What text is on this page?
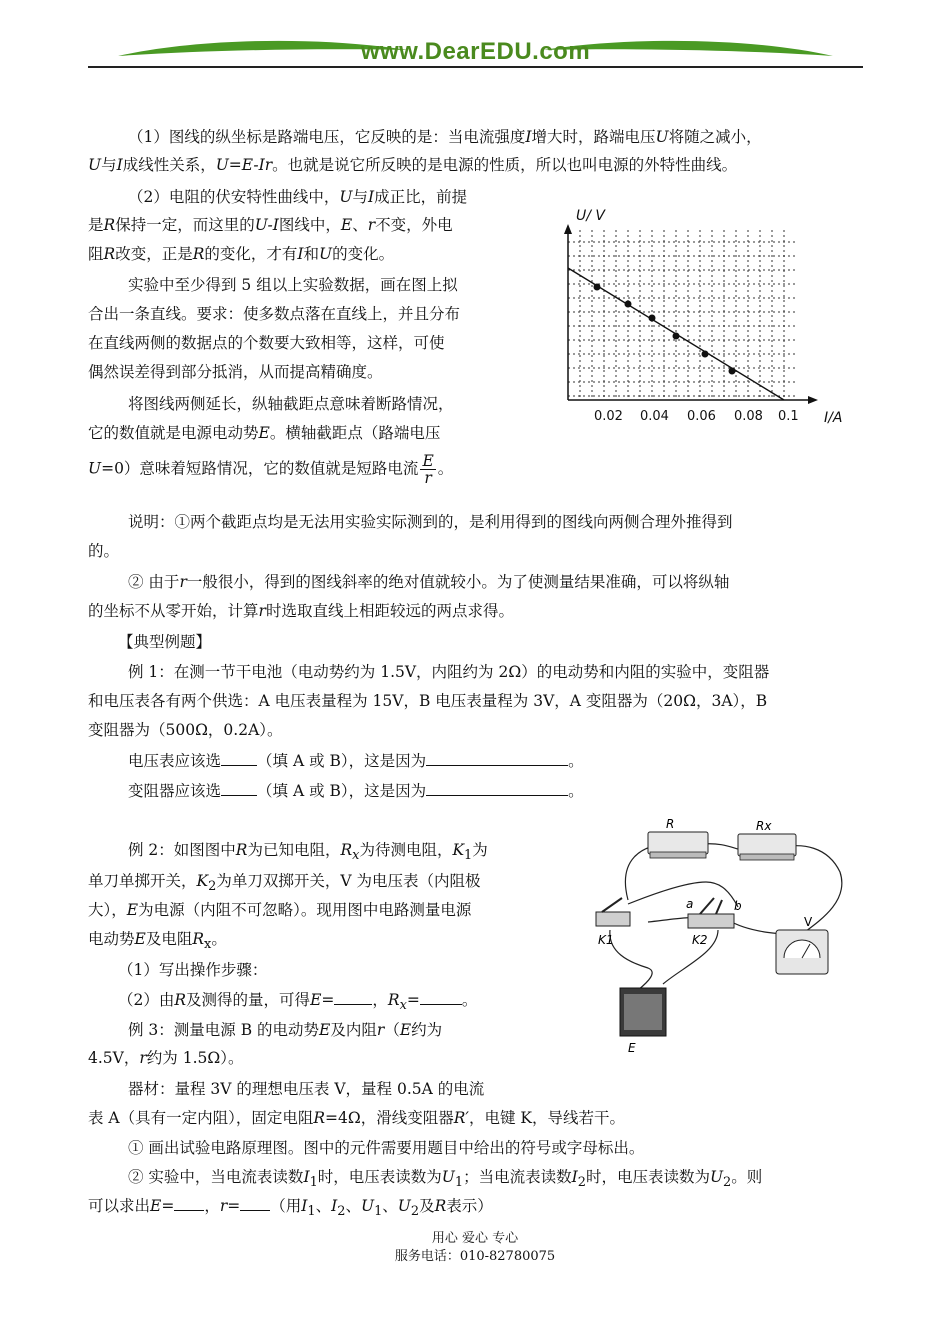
www.DearEDU.com
（1）图线的纵坐标是路端电压，它反映的是：当电流强度I增大时，路端电压U将随之减小，
U与I成线性关系，U=E-Ir。也就是说它所反映的是电源的性质，所以也叫电源的外特性曲线。
（2）电阻的伏安特性曲线中，U与I成正比，前提
是R保持一定，而这里的U-I图线中，E、r不变，外电
阻R改变，正是R的变化，才有I和U的变化。
实验中至少得到 5 组以上实验数据，画在图上拟
合出一条直线。要求：使多数点落在直线上，并且分布
在直线两侧的数据点的个数要大致相等，这样，可使
偶然误差得到部分抵消，从而提高精确度。
将图线两侧延长，纵轴截距点意味着断路情况，
它的数值就是电源电动势E。横轴截距点（路端电压
U=0）意味着短路情况，它的数值就是短路电流 $\frac{E}{r}$ 。
U/ V
0.02 0.04 0.06 0.08 0.1 I/A
说明：①两个截距点均是无法用实验实际测到的，是利用得到的图线向两侧合理外推得到
的。
② 由于r一般很小，得到的图线斜率的绝对值就较小。为了使测量结果准确，可以将纵轴
的坐标不从零开始，计算r时选取直线上相距较远的两点求得。
【典型例题】
例 1：在测一节干电池（电动势约为 1.5V，内阻约为 2Ω）的电动势和内阻的实验中，变阻器
和电压表各有两个供选：A 电压表量程为 15V，B 电压表量程为 3V，A 变阻器为（20Ω，3A），B
变阻器为（500Ω，0.2A）。
电压表应该选 （填 A 或 B），这是因为	。
变阻器应该选 （填 A 或 B），这是因为	。
例 2：如图图中R为已知电阻，$R_x$为待测电阻，$K_1$为
单刀单掷开关，$K_2$为单刀双掷开关，V 为电压表（内阻极
大），E为电源（内阻不可忽略）。现用图中电路测量电源
电动势E及电阻$R_x$。
（1）写出操作步骤：
（2）由R及测得的量，可得E= ，$R_x=$	。
R	Rx
K1
a	b
K2
V
E
例 3：测量电源 B 的电动势E及内阻r（E约为
4.5V，r约为 1.5Ω）。
器材：量程 3V 的理想电压表 V，量程 0.5A 的电流
表 A（具有一定内阻），固定电阻R=4Ω，滑线变阻器R′，电键 K，导线若干。
① 画出试验电路原理图。图中的元件需要用题目中给出的符号或字母标出。
② 实验中，当电流表读数$I_1$时，电压表读数为$U_1$；当电流表读数$I_2$时，电压表读数为$U_2$。则
可以求出E= ，r= （用$I_1$、$I_2$、$U_1$、$U_2$及R表示）
用心 爱心 专心
服务电话：010-82780075
